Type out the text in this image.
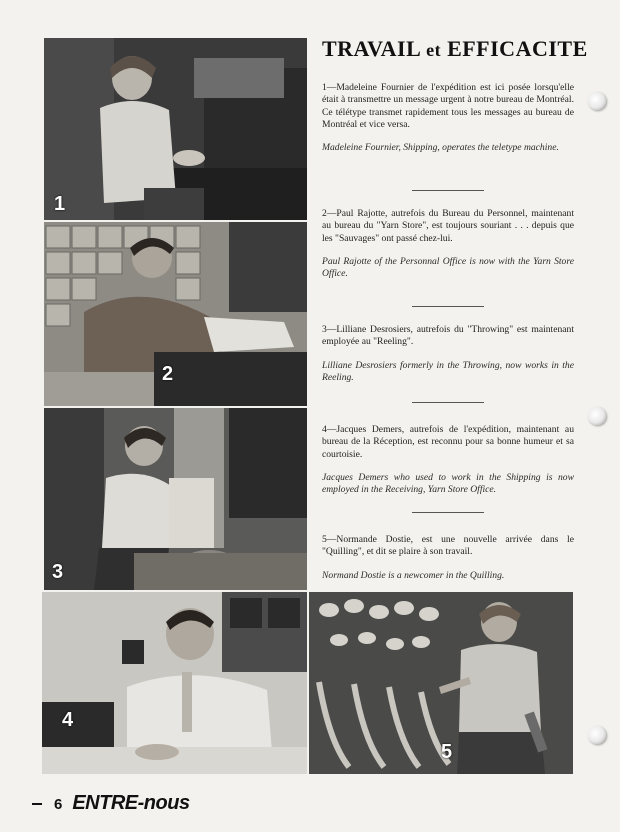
1
2
3
4
5
TRAVAIL et EFFICACITE

1—Madeleine Fournier de l'expédition est ici posée lorsqu'elle était à transmettre un message urgent à notre bureau de Montréal. Ce télétype transmet rapidement tous les messages au bureau de Montréal et vice versa.

Madeleine Fournier, Shipping, operates the teletype machine.

2—Paul Rajotte, autrefois du Bureau du Personnel, maintenant au bureau du "Yarn Store", est toujours souriant . . . depuis que les "Sauvages" ont passé chez-lui.

Paul Rajotte of the Personnal Office is now with the Yarn Store Office.

3—Lilliane Desrosiers, autrefois du "Throwing" est maintenant employée au "Reeling".

Lilliane Desrosiers formerly in the Throwing, now works in the Reeling.

4—Jacques Demers, autrefois de l'expédition, maintenant au bureau de la Réception, est reconnu pour sa bonne humeur et sa courtoisie.

Jacques Demers who used to work in the Shipping is now employed in the Receiving, Yarn Store Office.

5—Normande Dostie, est une nouvelle arrivée dans le "Quilling", et dit se plaire à son travail.

Normand Dostie is a newcomer in the Quilling.

6 ENTRE-nous
